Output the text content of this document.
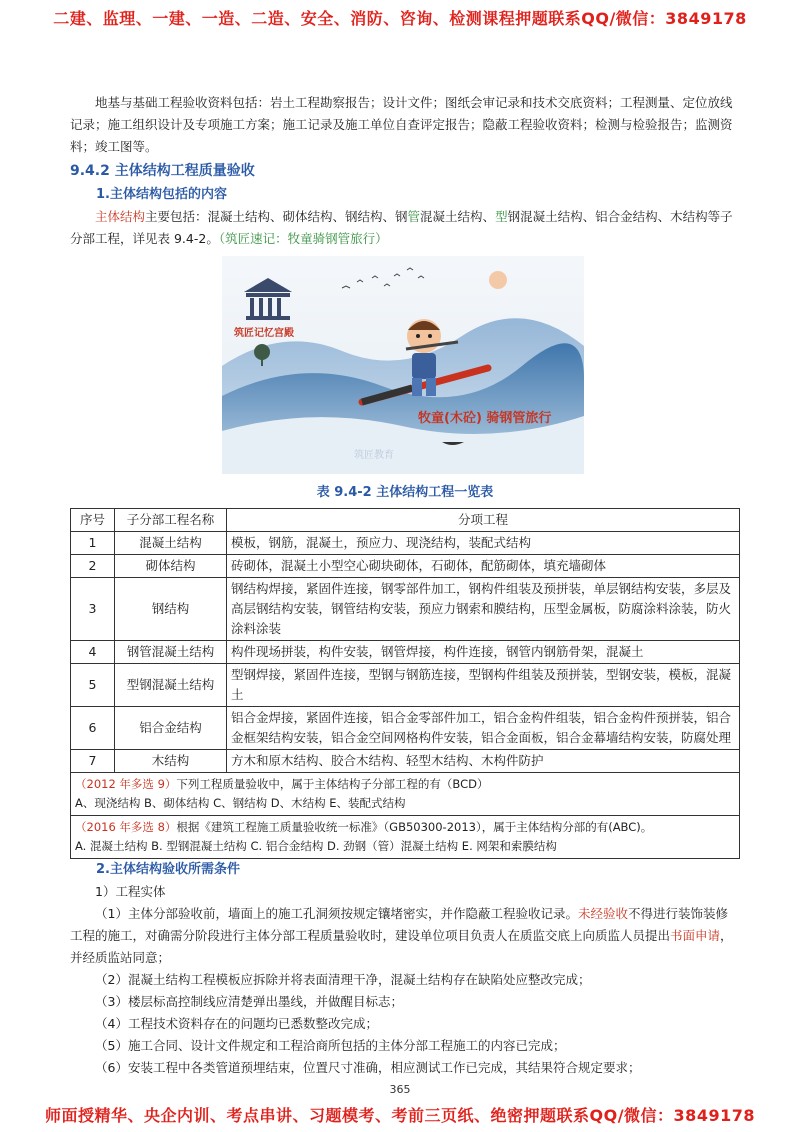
二建、监理、一建、一造、二造、安全、消防、咨询、检测课程押题联系QQ/微信：3849178

地基与基础工程验收资料包括：岩土工程勘察报告；设计文件；图纸会审记录和技术交底资料；工程测量、定位放线记录；施工组织设计及专项施工方案；施工记录及施工单位自查评定报告；隐蔽工程验收资料；检测与检验报告；监测资料；竣工图等。

9.4.2 主体结构工程质量验收
1.主体结构包括的内容

主体结构主要包括：混凝土结构、砌体结构、钢结构、钢管混凝土结构、型钢混凝土结构、铝合金结构、木结构等子分部工程，详见表 9.4-2。（筑匠速记：牧童骑钢管旅行）

筑匠记忆宫殿
筑匠教育
牧童(木砼) 骑钢管旅行
表 9.4-2 主体结构工程一览表
序号	子分部工程名称	分项工程
1	混凝土结构	模板，钢筋，混凝土，预应力、现浇结构，装配式结构
2	砌体结构	砖砌体，混凝土小型空心砌块砌体，石砌体，配筋砌体，填充墙砌体
3	钢结构	钢结构焊接，紧固件连接，钢零部件加工，钢构件组装及预拼装，单层钢结构安装，多层及高层钢结构安装，钢管结构安装，预应力钢索和膜结构，压型金属板，防腐涂料涂装，防火涂料涂装
4	钢管混凝土结构	构件现场拼装，构件安装，钢管焊接，构件连接，钢管内钢筋骨架，混凝土
5	型钢混凝土结构	型钢焊接，紧固件连接，型钢与钢筋连接，型钢构件组装及预拼装，型钢安装，模板，混凝土
6	铝合金结构	铝合金焊接，紧固件连接，铝合金零部件加工，铝合金构件组装，铝合金构件预拼装，铝合金框架结构安装，铝合金空间网格构件安装，铝合金面板，铝合金幕墙结构安装，防腐处理
7	木结构	方木和原木结构、胶合木结构、轻型木结构、木构件防护
（2012 年多选 9）下列工程质量验收中，属于主体结构子分部工程的有（BCD）
A、现浇结构 B、砌体结构 C、钢结构 D、木结构 E、装配式结构
（2016 年多选 8）根据《建筑工程施工质量验收统一标准》（GB50300-2013），属于主体结构分部的有(ABC)。
A. 混凝土结构 B. 型钢混凝土结构 C. 铝合金结构 D. 劲钢（管）混凝土结构 E. 网架和索膜结构
2.主体结构验收所需条件

1）工程实体

（1）主体分部验收前，墙面上的施工孔洞须按规定镶堵密实，并作隐蔽工程验收记录。未经验收不得进行装饰装修工程的施工，对确需分阶段进行主体分部工程质量验收时，建设单位项目负责人在质监交底上向质监人员提出书面申请，并经质监站同意；

（2）混凝土结构工程模板应拆除并将表面清理干净，混凝土结构存在缺陷处应整改完成；

（3）楼层标高控制线应清楚弹出墨线，并做醒目标志；

（4）工程技术资料存在的问题均已悉数整改完成；

（5）施工合同、设计文件规定和工程洽商所包括的主体分部工程施工的内容已完成；

（6）安装工程中各类管道预埋结束，位置尺寸准确，相应测试工作已完成，其结果符合规定要求；

365
师面授精华、央企内训、考点串讲、习题模考、考前三页纸、绝密押题联系QQ/微信：3849178
